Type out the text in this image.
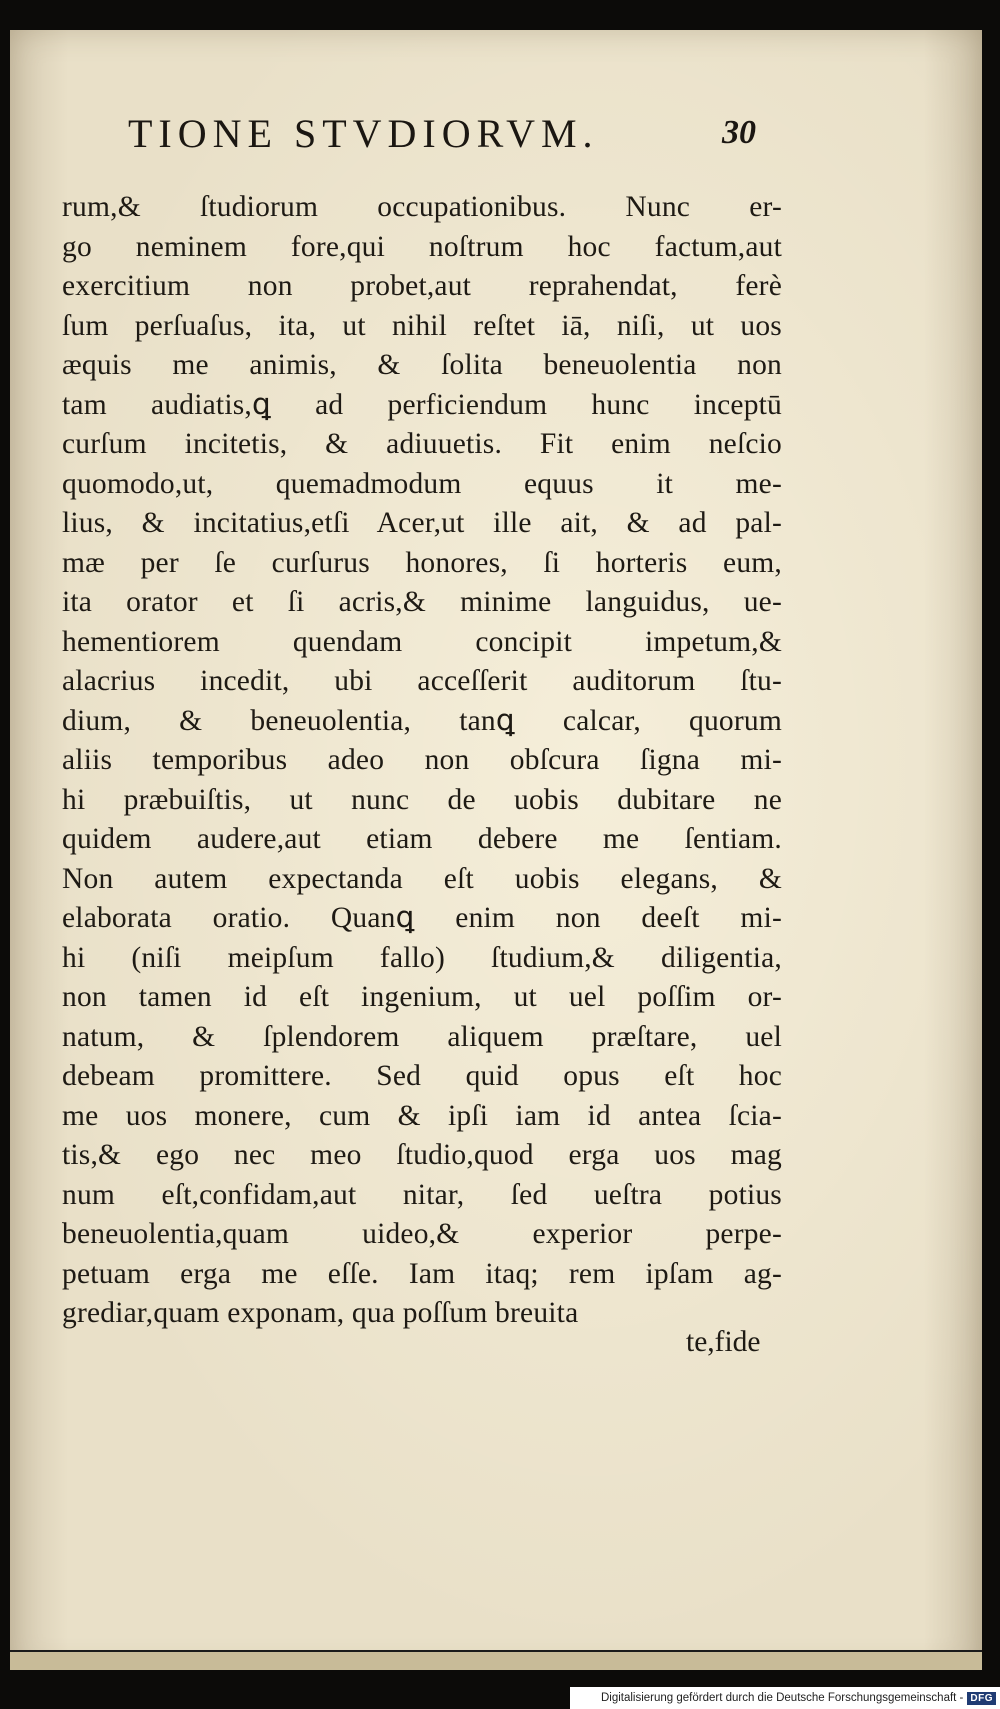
TIONE STVDIORVM.	30
rum,& ſtudiorum occupationibus. Nunc er-
go neminem fore,qui noſtrum hoc factum,aut
exercitium non probet,aut reprahendat, ferè
ſum perſuaſus, ita, ut nihil reſtet iā, niſi, ut uos
æquis me animis, & ſolita beneuolentia non
tam audiatis,ꝗ ad perficiendum hunc inceptū
curſum incitetis, & adiuuetis. Fit enim neſcio
quomodo,ut, quemadmodum equus it me-
lius, & incitatius,etſi Acer,ut ille ait, & ad pal-
mæ per ſe curſurus honores, ſi horteris eum,
ita orator et ſi acris,& minime languidus, ue-
hementiorem quendam concipit impetum,&
alacrius incedit, ubi acceſſerit auditorum ſtu-
dium, & beneuolentia, tanꝗ calcar, quorum
aliis temporibus adeo non obſcura ſigna mi-
hi præbuiſtis, ut nunc de uobis dubitare ne
quidem audere,aut etiam debere me ſentiam.
Non autem expectanda eſt uobis elegans, &
elaborata oratio. Quanꝗ enim non deeſt mi-
hi (niſi meipſum fallo) ſtudium,& diligentia,
non tamen id eſt ingenium, ut uel poſſim or-
natum, & ſplendorem aliquem præſtare, uel
debeam promittere. Sed quid opus eſt hoc
me uos monere, cum & ipſi iam id antea ſcia-
tis,& ego nec meo ſtudio,quod erga uos mag
num eſt,confidam,aut nitar, ſed ueſtra potius
beneuolentia,quam uideo,& experior perpe-
petuam erga me eſſe. Iam itaq; rem ipſam ag-
grediar,quam exponam, qua poſſum breuita
te,fide
Digitalisierung gefördert durch die Deutsche Forschungsgemeinschaft - DFG
